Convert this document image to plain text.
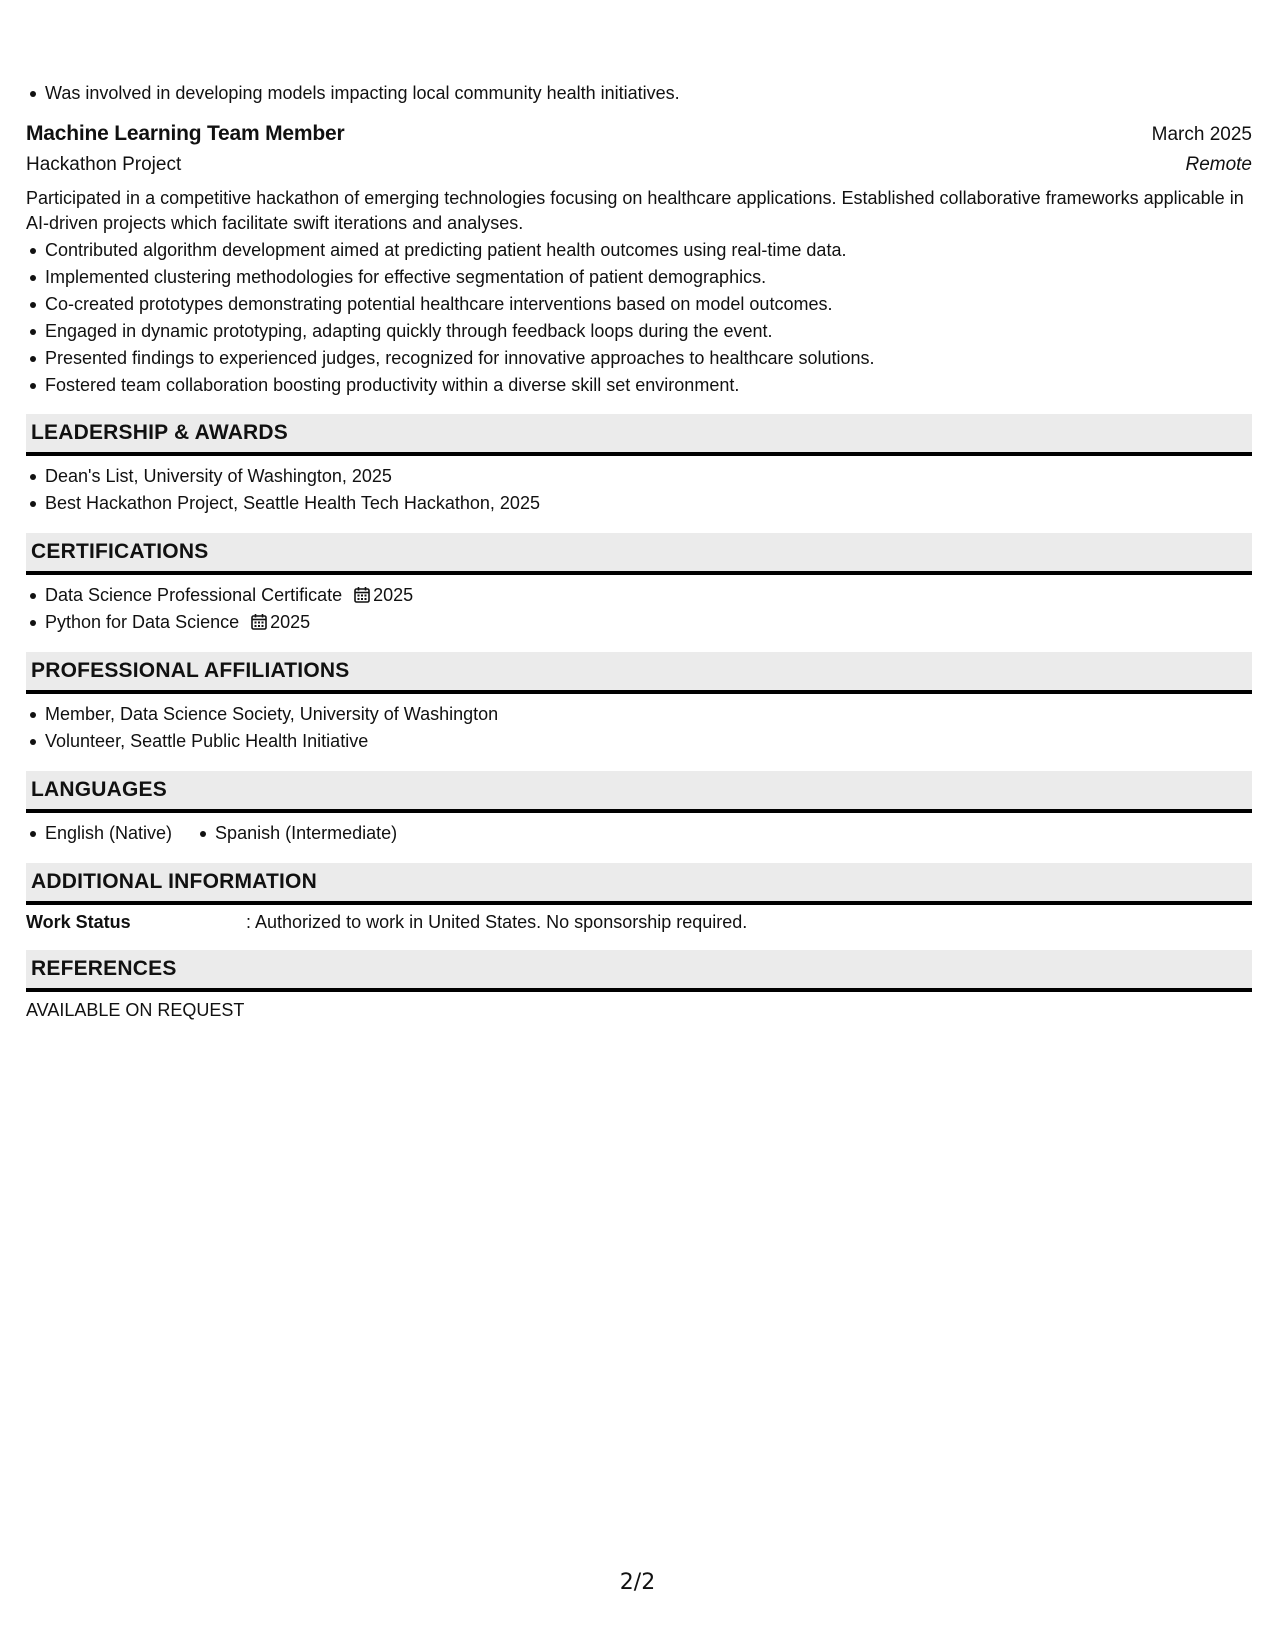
Was involved in developing models impacting local community health initiatives.
Machine Learning Team Member	March 2025
Hackathon Project	Remote

Participated in a competitive hackathon of emerging technologies focusing on healthcare applications. Established collaborative frameworks applicable in AI-driven projects which facilitate swift iterations and analyses.

Contributed algorithm development aimed at predicting patient health outcomes using real-time data.
Implemented clustering methodologies for effective segmentation of patient demographics.
Co-created prototypes demonstrating potential healthcare interventions based on model outcomes.
Engaged in dynamic prototyping, adapting quickly through feedback loops during the event.
Presented findings to experienced judges, recognized for innovative approaches to healthcare solutions.
Fostered team collaboration boosting productivity within a diverse skill set environment.
LEADERSHIP & AWARDS
Dean's List, University of Washington, 2025
Best Hackathon Project, Seattle Health Tech Hackathon, 2025
CERTIFICATIONS
Data Science Professional Certificate 2025
Python for Data Science 2025
PROFESSIONAL AFFILIATIONS
Member, Data Science Society, University of Washington
Volunteer, Seattle Public Health Initiative
LANGUAGES
English (Native) Spanish (Intermediate)
ADDITIONAL INFORMATION
Work Status	: Authorized to work in United States. No sponsorship required.
REFERENCES
AVAILABLE ON REQUEST
2/2
